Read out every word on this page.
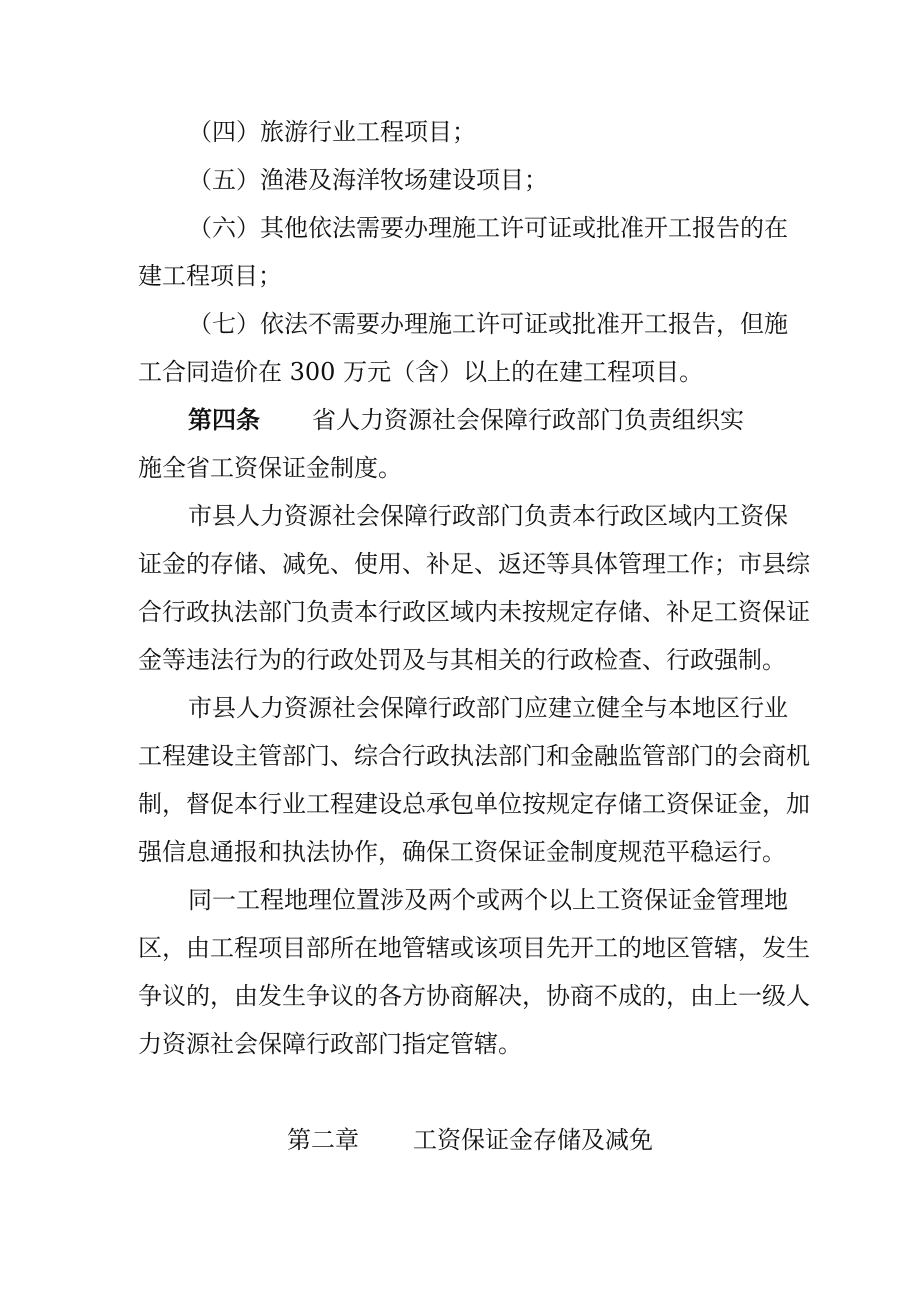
（四）旅游行业工程项目；

（五）渔港及海洋牧场建设项目；

（六）其他依法需要办理施工许可证或批准开工报告的在

建工程项目；

（七）依法不需要办理施工许可证或批准开工报告，但施

工合同造价在 300 万元（含）以上的在建工程项目。

第四条 省人力资源社会保障行政部门负责组织实

施全省工资保证金制度。

市县人力资源社会保障行政部门负责本行政区域内工资保

证金的存储、减免、使用、补足、返还等具体管理工作；市县综

合行政执法部门负责本行政区域内未按规定存储、补足工资保证

金等违法行为的行政处罚及与其相关的行政检查、行政强制。

市县人力资源社会保障行政部门应建立健全与本地区行业

工程建设主管部门、综合行政执法部门和金融监管部门的会商机

制，督促本行业工程建设总承包单位按规定存储工资保证金，加

强信息通报和执法协作，确保工资保证金制度规范平稳运行。

同一工程地理位置涉及两个或两个以上工资保证金管理地

区，由工程项目部所在地管辖或该项目先开工的地区管辖，发生

争议的，由发生争议的各方协商解决，协商不成的，由上一级人

力资源社会保障行政部门指定管辖。

第二章 工资保证金存储及减免
